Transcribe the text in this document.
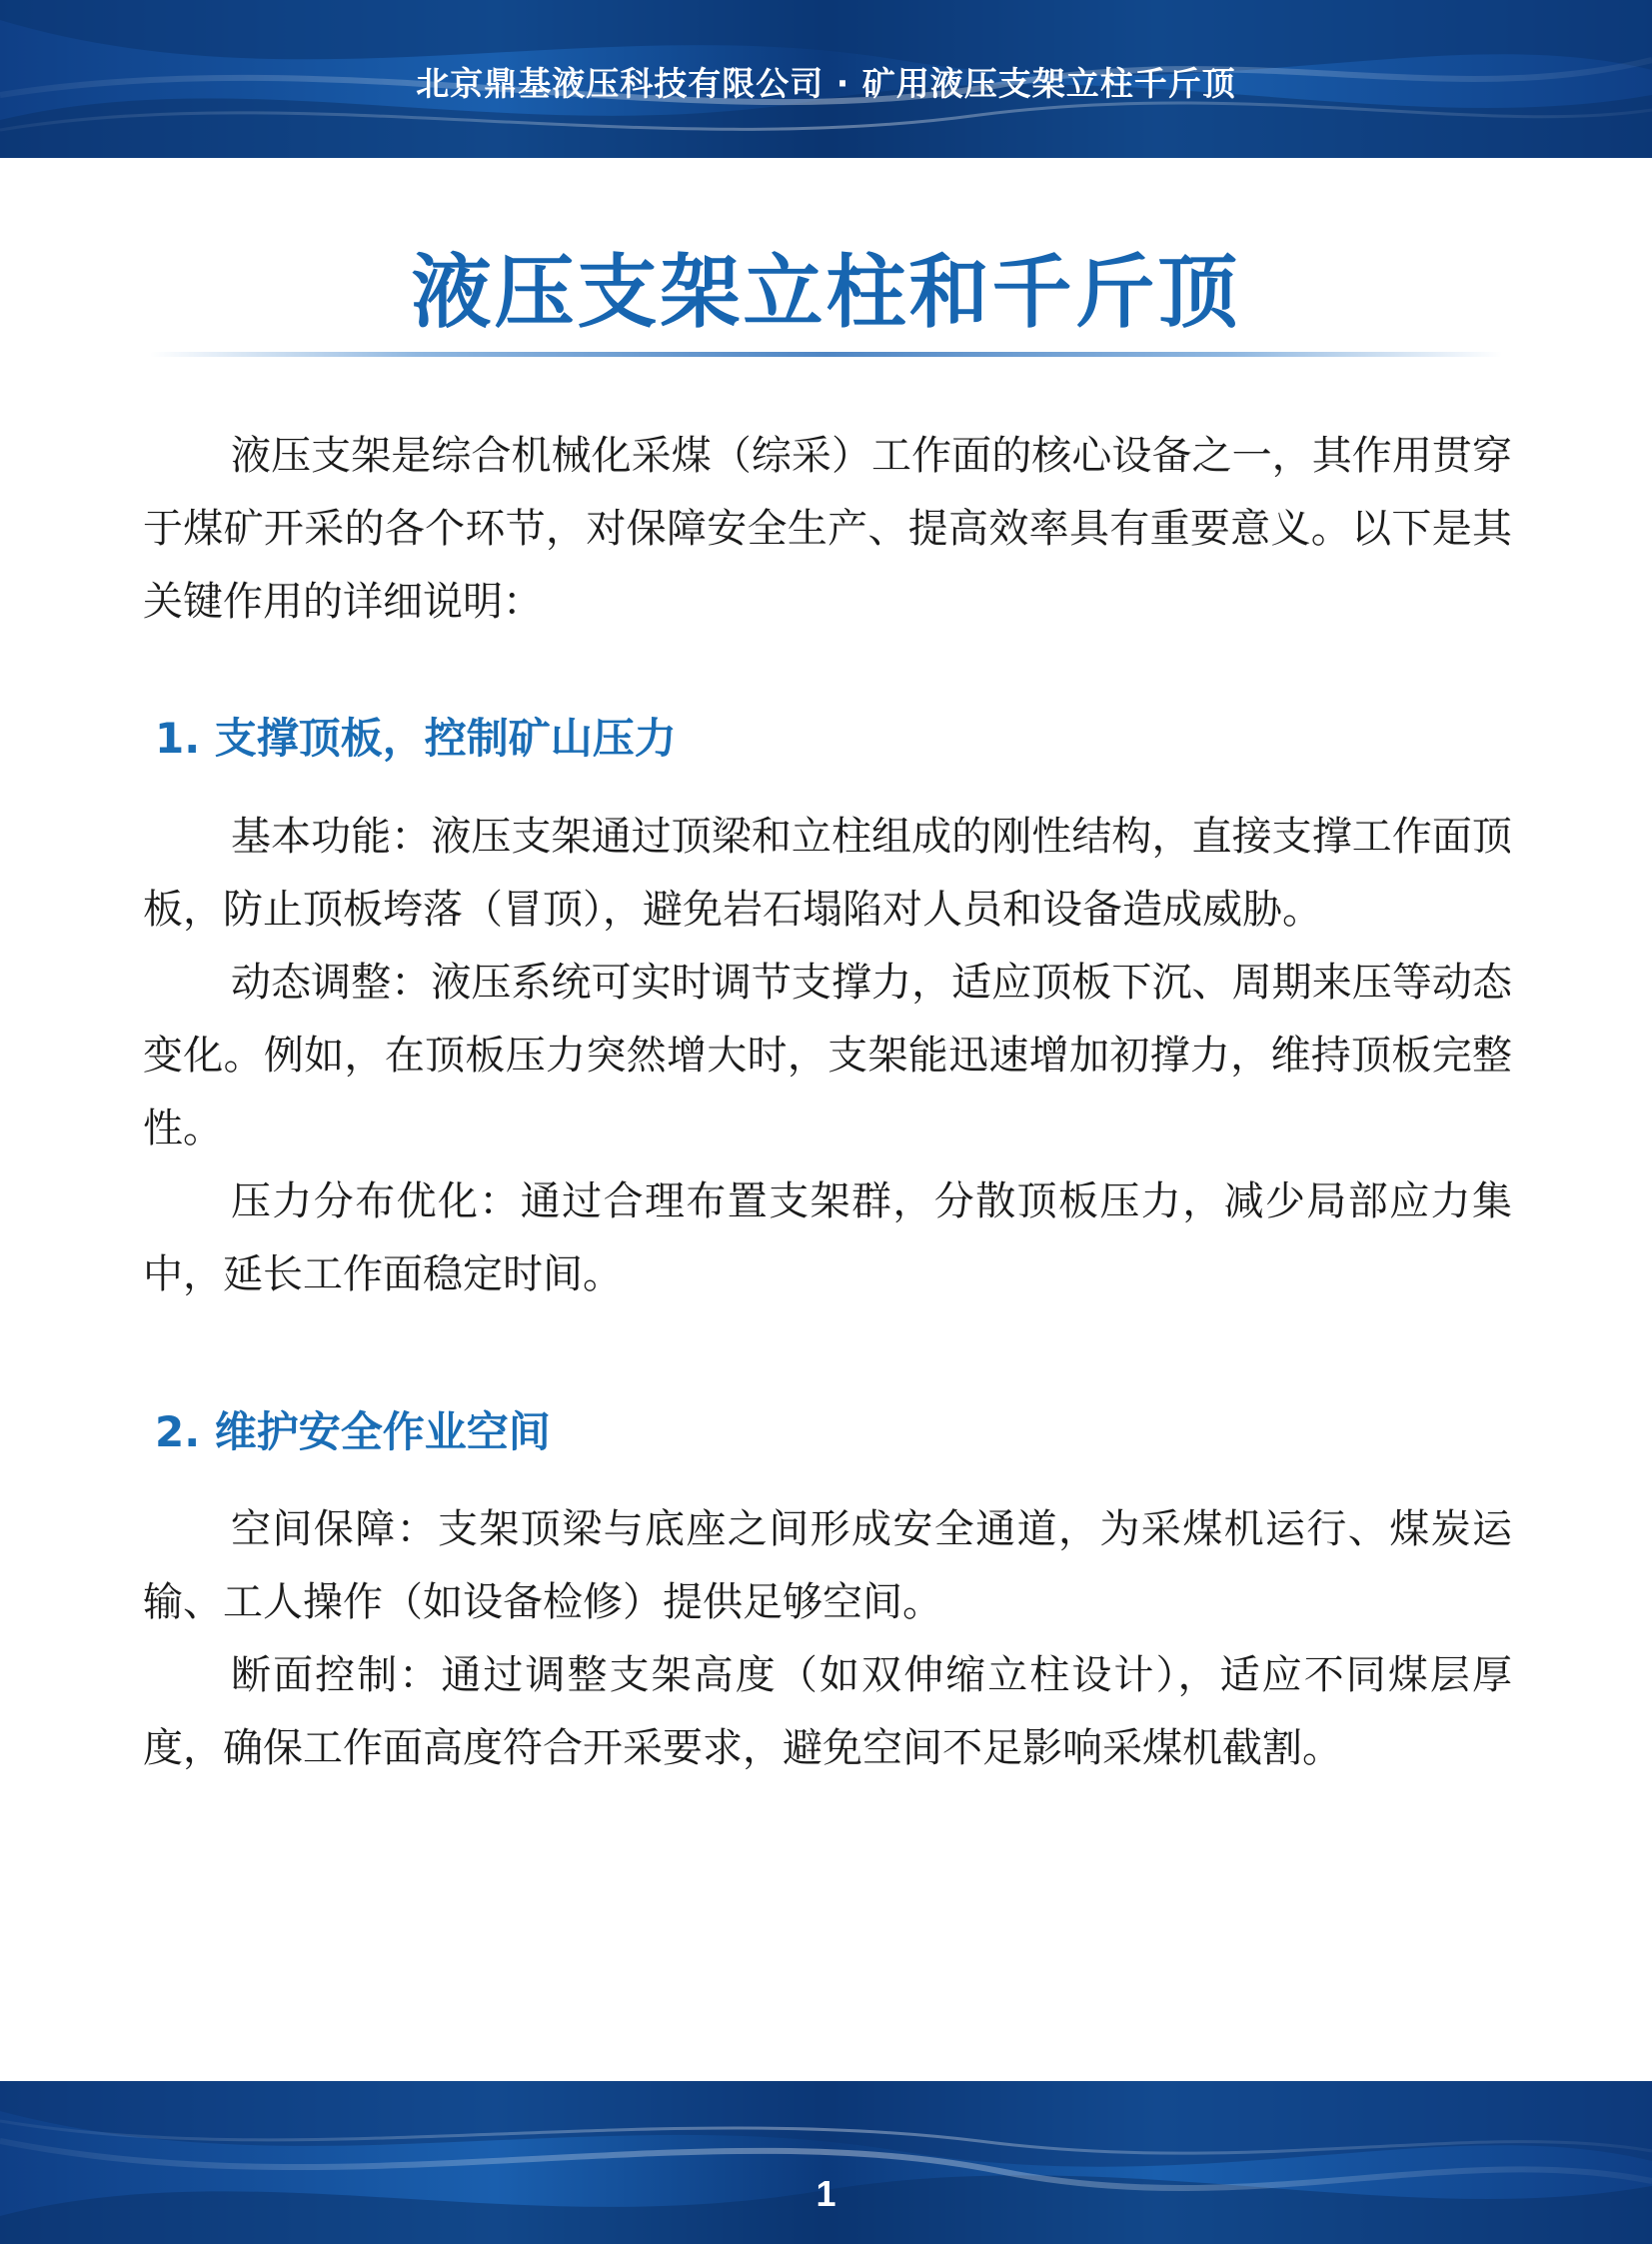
北京鼎基液压科技有限公司 · 矿用液压支架立柱千斤顶
液压支架立柱和千斤顶
液压支架是综合机械化采煤（综采）工作面的核心设备之一，其作用贯穿于煤矿开采的各个环节，对保障安全生产、提高效率具有重要意义。以下是其关键作用的详细说明：
1. 支撑顶板，控制矿山压力
基本功能：液压支架通过顶梁和立柱组成的刚性结构，直接支撑工作面顶板，防止顶板垮落（冒顶），避免岩石塌陷对人员和设备造成威胁。
动态调整：液压系统可实时调节支撑力，适应顶板下沉、周期来压等动态变化。例如，在顶板压力突然增大时，支架能迅速增加初撑力，维持顶板完整性。
压力分布优化：通过合理布置支架群，分散顶板压力，减少局部应力集中，延长工作面稳定时间。
2. 维护安全作业空间
空间保障：支架顶梁与底座之间形成安全通道，为采煤机运行、煤炭运输、工人操作（如设备检修）提供足够空间。
断面控制：通过调整支架高度（如双伸缩立柱设计），适应不同煤层厚度，确保工作面高度符合开采要求，避免空间不足影响采煤机截割。
1
